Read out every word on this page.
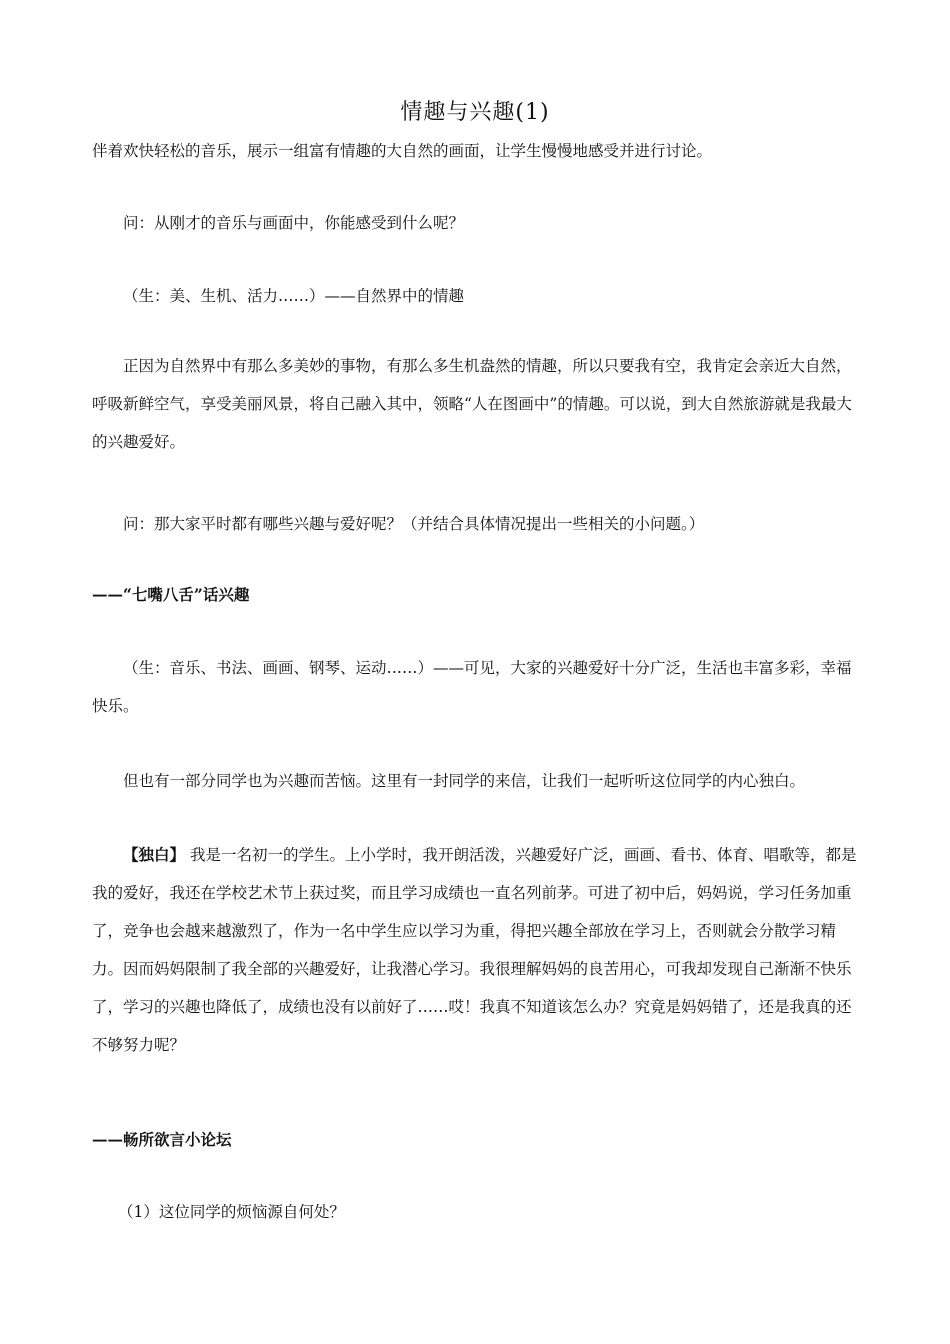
情趣与兴趣(1)

伴着欢快轻松的音乐，展示一组富有情趣的大自然的画面，让学生慢慢地感受并进行讨论。

问：从刚才的音乐与画面中，你能感受到什么呢？

（生：美、生机、活力……）——自然界中的情趣

正因为自然界中有那么多美妙的事物，有那么多生机盎然的情趣，所以只要我有空，我肯定会亲近大自然，呼吸新鲜空气，享受美丽风景，将自己融入其中，领略“人在图画中”的情趣。可以说，到大自然旅游就是我最大的兴趣爱好。

问：那大家平时都有哪些兴趣与爱好呢？（并结合具体情况提出一些相关的小问题。）

——“七嘴八舌”话兴趣

（生：音乐、书法、画画、钢琴、运动……）——可见，大家的兴趣爱好十分广泛，生活也丰富多彩，幸福快乐。

但也有一部分同学也为兴趣而苦恼。这里有一封同学的来信，让我们一起听听这位同学的内心独白。

【独白】 我是一名初一的学生。上小学时，我开朗活泼，兴趣爱好广泛，画画、看书、体育、唱歌等，都是我的爱好，我还在学校艺术节上获过奖，而且学习成绩也一直名列前茅。可进了初中后，妈妈说，学习任务加重了，竞争也会越来越激烈了，作为一名中学生应以学习为重，得把兴趣全部放在学习上，否则就会分散学习精力。因而妈妈限制了我全部的兴趣爱好，让我潜心学习。我很理解妈妈的良苦用心，可我却发现自己渐渐不快乐了，学习的兴趣也降低了，成绩也没有以前好了……哎！我真不知道该怎么办？究竟是妈妈错了，还是我真的还不够努力呢？

——畅所欲言小论坛

（1）这位同学的烦恼源自何处？
